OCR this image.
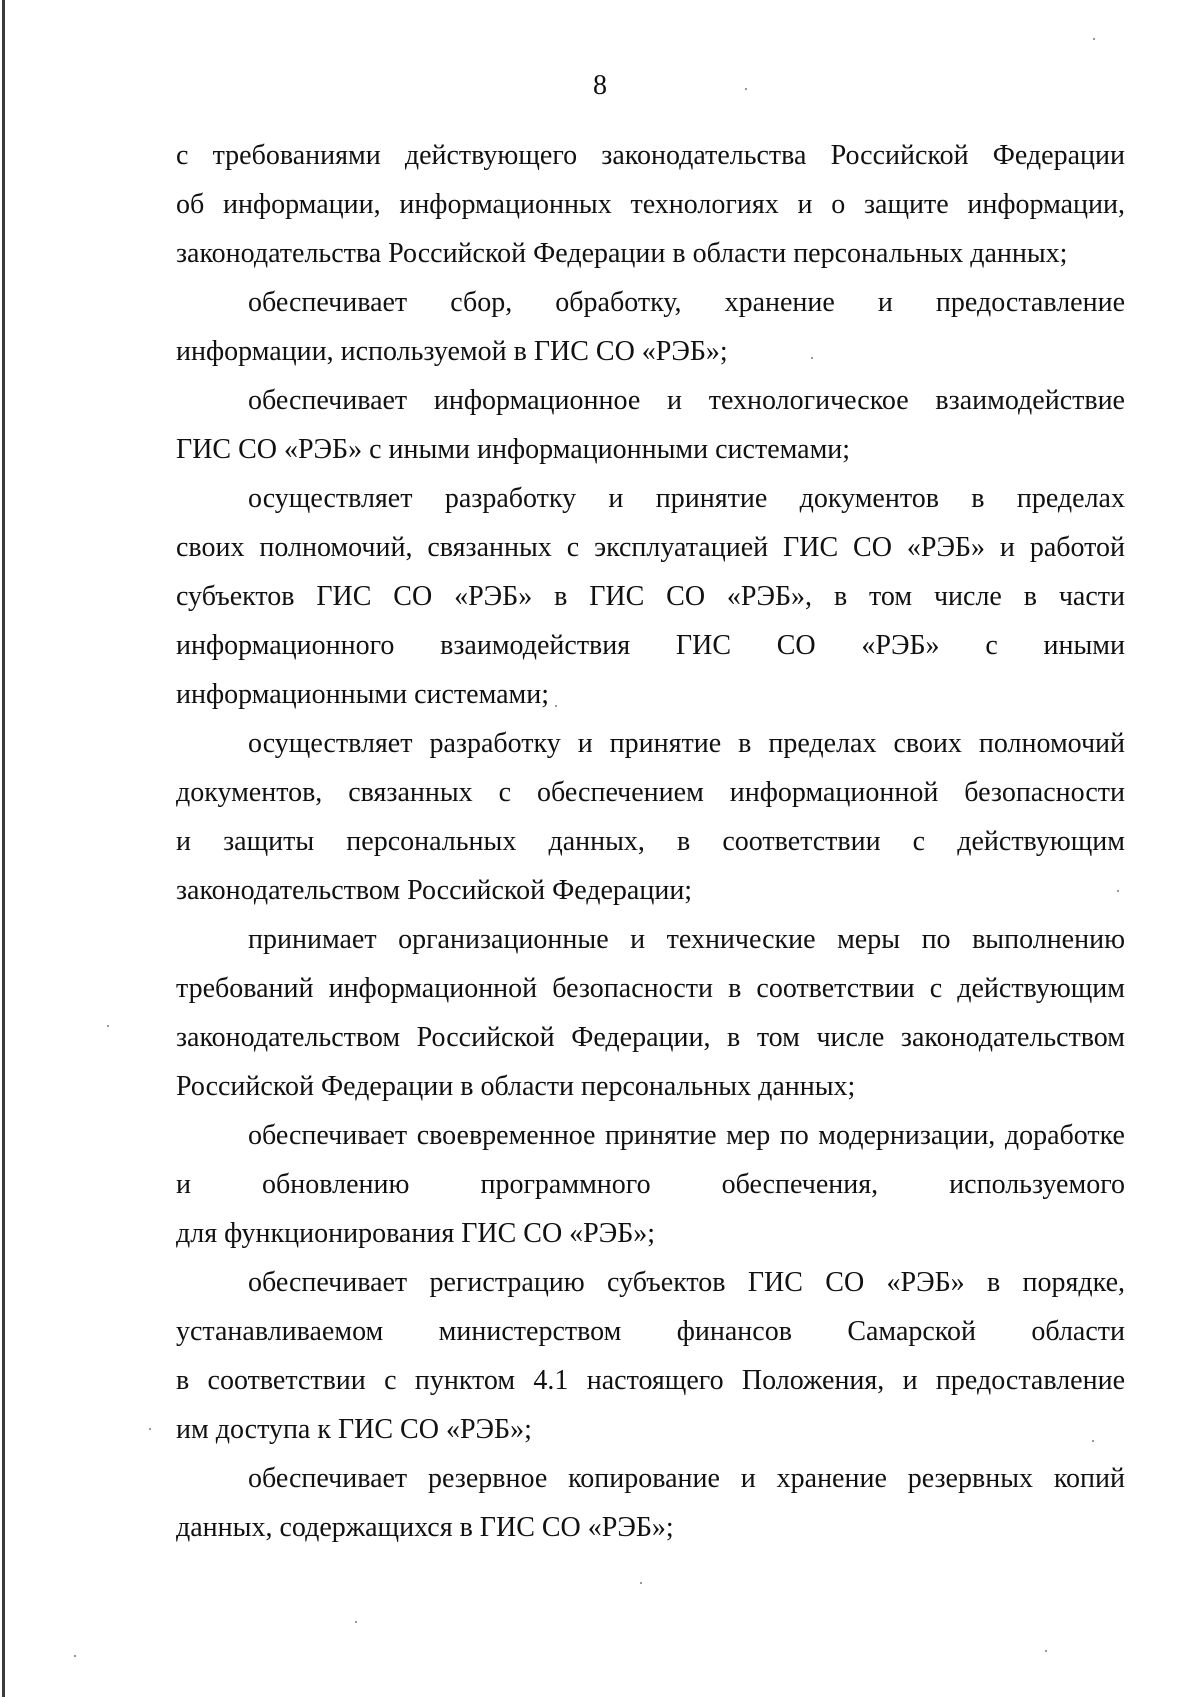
8
с требованиями действующего законодательства Российской Федерации
об информации, информационных технологиях и о защите информации,
законодательства Российской Федерации в области персональных данных;
обеспечивает сбор, обработку, хранение и предоставление
информации, используемой в ГИС СО «РЭБ»;
обеспечивает информационное и технологическое взаимодействие
ГИС СО «РЭБ» с иными информационными системами;
осуществляет разработку и принятие документов в пределах
своих полномочий, связанных с эксплуатацией ГИС СО «РЭБ» и работой
субъектов ГИС СО «РЭБ» в ГИС СО «РЭБ», в том числе в части
информационного взаимодействия ГИС СО «РЭБ» с иными
информационными системами;
осуществляет разработку и принятие в пределах своих полномочий
документов, связанных с обеспечением информационной безопасности
и защиты персональных данных, в соответствии с действующим
законодательством Российской Федерации;
принимает организационные и технические меры по выполнению
требований информационной безопасности в соответствии с действующим
законодательством Российской Федерации, в том числе законодательством
Российской Федерации в области персональных данных;
обеспечивает своевременное принятие мер по модернизации, доработке
и обновлению программного обеспечения, используемого
для функционирования ГИС СО «РЭБ»;
обеспечивает регистрацию субъектов ГИС СО «РЭБ» в порядке,
устанавливаемом министерством финансов Самарской области
в соответствии с пунктом 4.1 настоящего Положения, и предоставление
им доступа к ГИС СО «РЭБ»;
обеспечивает резервное копирование и хранение резервных копий
данных, содержащихся в ГИС СО «РЭБ»;
